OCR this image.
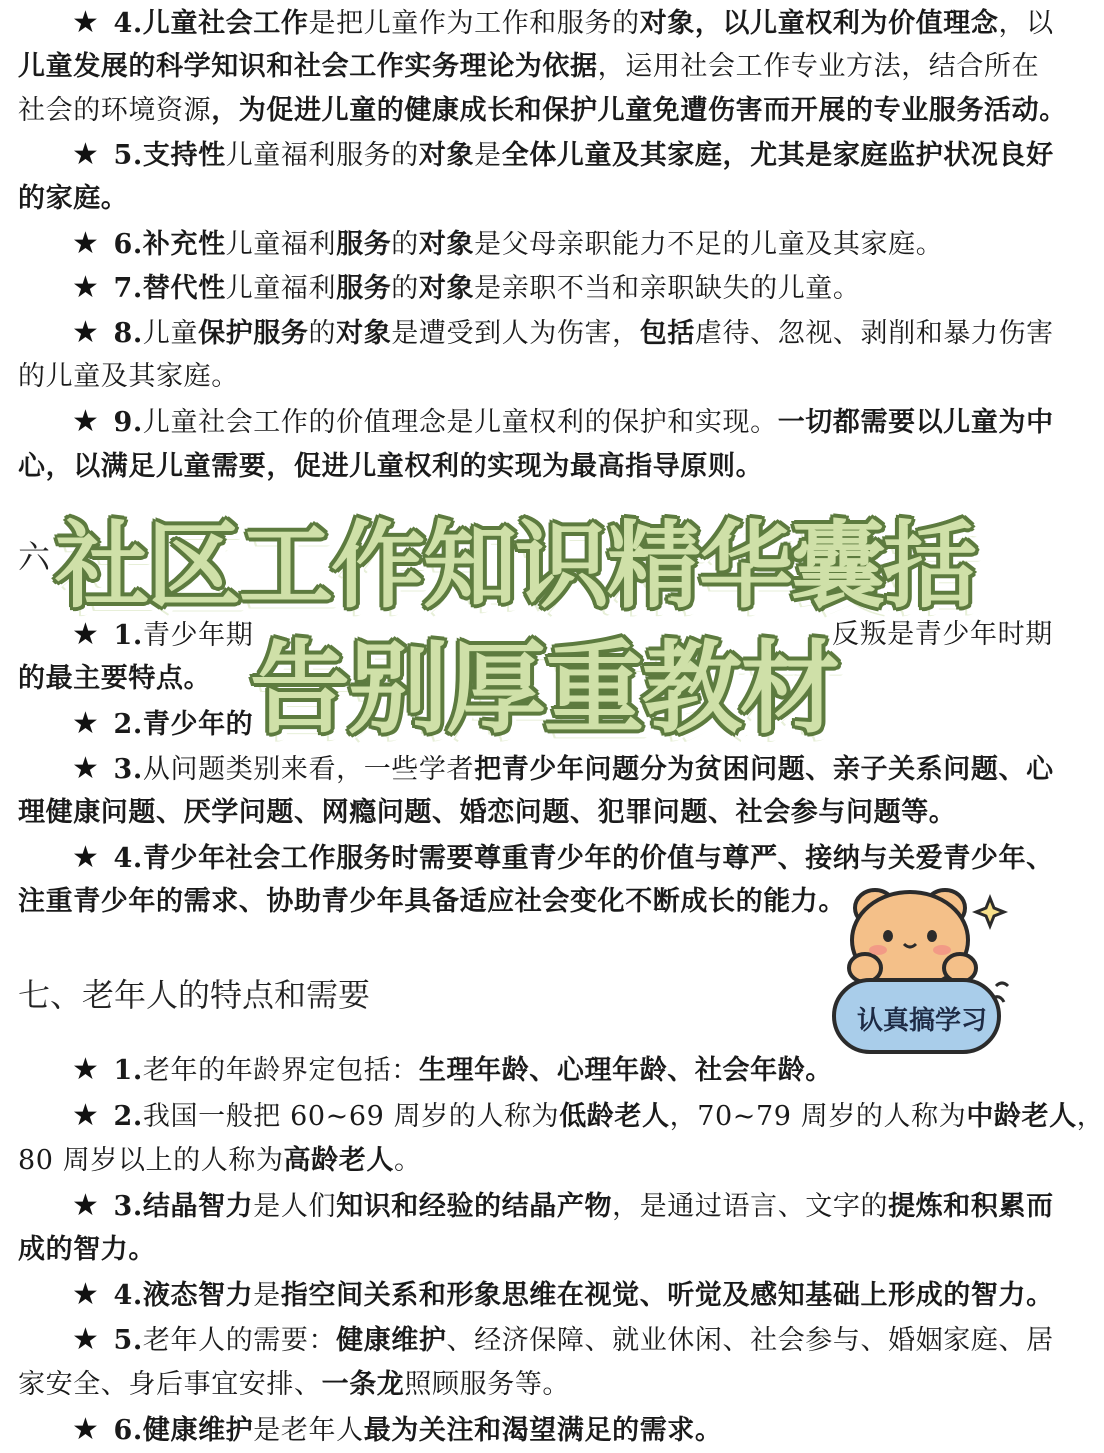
★ 4.儿童社会工作是把儿童作为工作和服务的对象，以儿童权利为价值理念，以
儿童发展的科学知识和社会工作实务理论为依据，运用社会工作专业方法，结合所在
社会的环境资源，为促进儿童的健康成长和保护儿童免遭伤害而开展的专业服务活动。
★ 5.支持性儿童福利服务的对象是全体儿童及其家庭，尤其是家庭监护状况良好
的家庭。
★ 6.补充性儿童福利服务的对象是父母亲职能力不足的儿童及其家庭。
★ 7.替代性儿童福利服务的对象是亲职不当和亲职缺失的儿童。
★ 8.儿童保护服务的对象是遭受到人为伤害，包括虐待、忽视、剥削和暴力伤害
的儿童及其家庭。
★ 9.儿童社会工作的价值理念是儿童权利的保护和实现。一切都需要以儿童为中
心，以满足儿童需要，促进儿童权利的实现为最高指导原则。
六
★ 1.青少年期	反叛是青少年时期
的最主要特点。
★ 2.青少年的
★ 3.从问题类别来看，一些学者把青少年问题分为贫困问题、亲子关系问题、心
理健康问题、厌学问题、网瘾问题、婚恋问题、犯罪问题、社会参与问题等。
★ 4.青少年社会工作服务时需要尊重青少年的价值与尊严、接纳与关爱青少年、
注重青少年的需求、协助青少年具备适应社会变化不断成长的能力。
七、老年人的特点和需要
★ 1.老年的年龄界定包括：生理年龄、心理年龄、社会年龄。
★ 2.我国一般把 60~69 周岁的人称为低龄老人，70~79 周岁的人称为中龄老人，
80 周岁以上的人称为高龄老人。
★ 3.结晶智力是人们知识和经验的结晶产物，是通过语言、文字的提炼和积累而
成的智力。
★ 4.液态智力是指空间关系和形象思维在视觉、听觉及感知基础上形成的智力。
★ 5.老年人的需要：健康维护、经济保障、就业休闲、社会参与、婚姻家庭、居
家安全、身后事宜安排、一条龙照顾服务等。
★ 6.健康维护是老年人最为关注和渴望满足的需求。
社区工作知识精华囊括
告别厚重教材
认真搞学习
